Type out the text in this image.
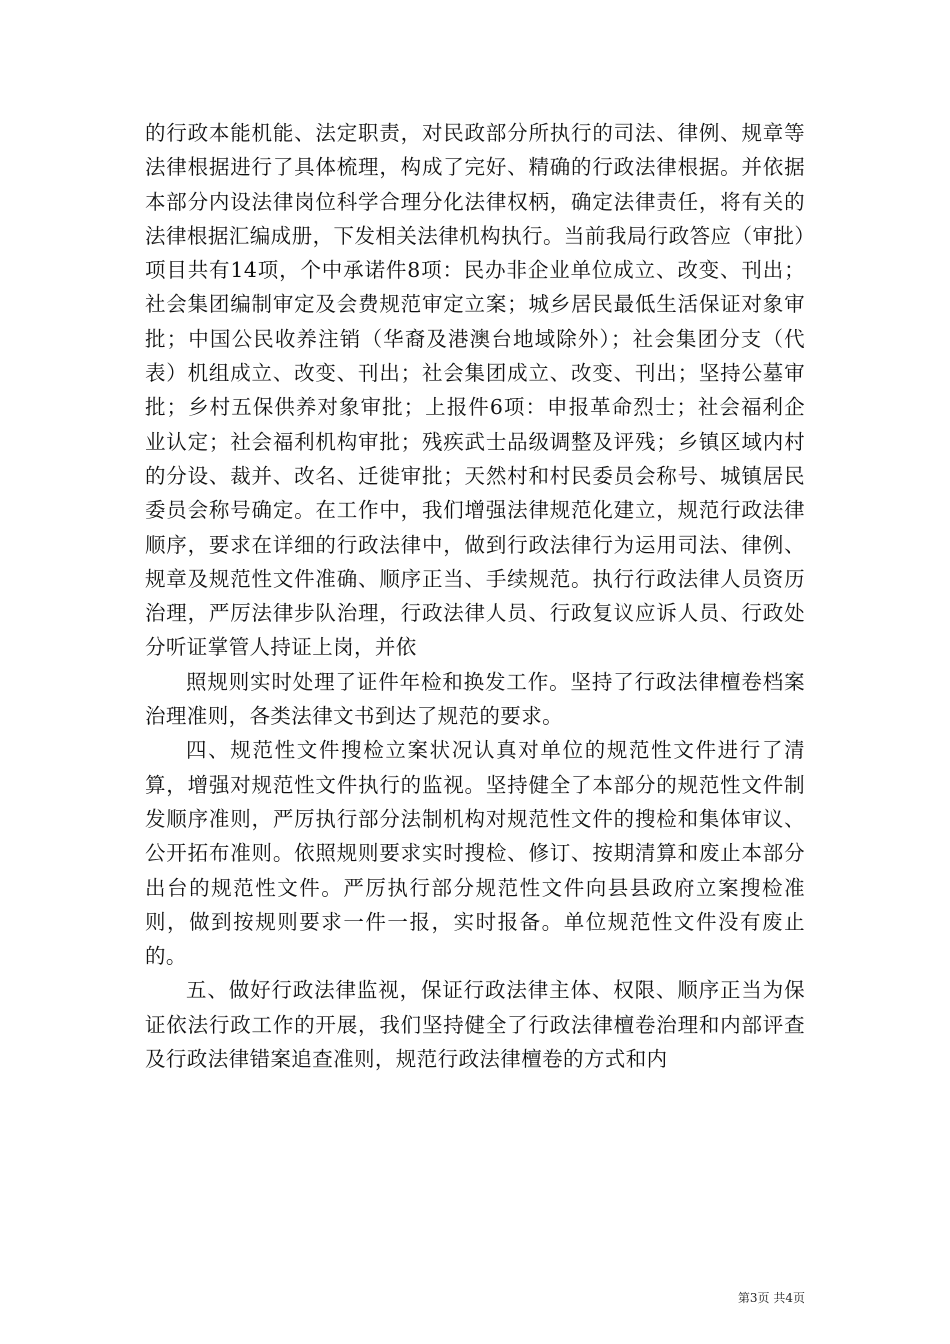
的行政本能机能、法定职责，对民政部分所执行的司法、律例、规章等法律根据进行了具体梳理，构成了完好、精确的行政法律根据。并依据本部分内设法律岗位科学合理分化法律权柄，确定法律责任，将有关的法律根据汇编成册，下发相关法律机构执行。当前我局行政答应（审批）项目共有14项，个中承诺件8项：民办非企业单位成立、改变、刊出；社会集团编制审定及会费规范审定立案；城乡居民最低生活保证对象审批；中国公民收养注销（华裔及港澳台地域除外）；社会集团分支（代表）机组成立、改变、刊出；社会集团成立、改变、刊出；坚持公墓审批；乡村五保供养对象审批；上报件6项：申报革命烈士；社会福利企业认定；社会福利机构审批；残疾武士品级调整及评残；乡镇区域内村的分设、裁并、改名、迁徙审批；天然村和村民委员会称号、城镇居民委员会称号确定。在工作中，我们增强法律规范化建立，规范行政法律顺序，要求在详细的行政法律中，做到行政法律行为运用司法、律例、规章及规范性文件准确、顺序正当、手续规范。执行行政法律人员资历治理，严厉法律步队治理，行政法律人员、行政复议应诉人员、行政处分听证掌管人持证上岗，并依

照规则实时处理了证件年检和换发工作。坚持了行政法律檀卷档案治理准则，各类法律文书到达了规范的要求。

四、规范性文件搜检立案状况认真对单位的规范性文件进行了清算，增强对规范性文件执行的监视。坚持健全了本部分的规范性文件制发顺序准则，严厉执行部分法制机构对规范性文件的搜检和集体审议、公开拓布准则。依照规则要求实时搜检、修订、按期清算和废止本部分出台的规范性文件。严厉执行部分规范性文件向县县政府立案搜检准则，做到按规则要求一件一报，实时报备。单位规范性文件没有废止的。

五、做好行政法律监视，保证行政法律主体、权限、顺序正当为保证依法行政工作的开展，我们坚持健全了行政法律檀卷治理和内部评查及行政法律错案追查准则，规范行政法律檀卷的方式和内

第3页 共4页
